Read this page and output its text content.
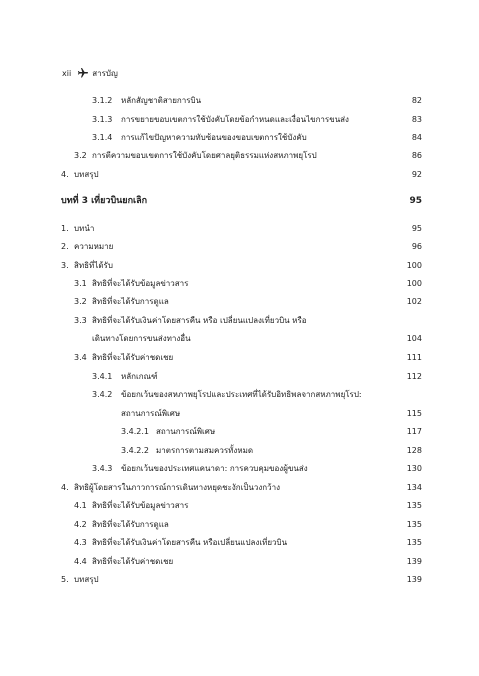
xii	สารบัญ
3.1.2 หลักสัญชาติสายการบิน	82
3.1.3 การขยายขอบเขตการใช้บังคับโดยข้อกำหนดและเงื่อนไขการขนส่ง	83
3.1.4 การแก้ไขปัญหาความทับซ้อนของขอบเขตการใช้บังคับ	84
3.2 การตีความขอบเขตการใช้บังคับโดยศาลยุติธรรมแห่งสหภาพยุโรป	86
4. บทสรุป	92
บทที่ 3 เที่ยวบินยกเลิก	95
1. บทนำ	95
2. ความหมาย	96
3. สิทธิที่ได้รับ	100
3.1 สิทธิที่จะได้รับข้อมูลข่าวสาร	100
3.2 สิทธิที่จะได้รับการดูแล	102
3.3 สิทธิที่จะได้รับเงินค่าโดยสารคืน หรือ เปลี่ยนแปลงเที่ยวบิน หรือ
เดินทางโดยการขนส่งทางอื่น	104
3.4 สิทธิที่จะได้รับค่าชดเชย	111
3.4.1 หลักเกณฑ์	112
3.4.2 ข้อยกเว้นของสหภาพยุโรปและประเทศที่ได้รับอิทธิพลจากสหภาพยุโรป:
สถานการณ์พิเศษ	115
3.4.2.1 สถานการณ์พิเศษ	117
3.4.2.2 มาตรการตามสมควรทั้งหมด	128
3.4.3 ข้อยกเว้นของประเทศแคนาดา: การควบคุมของผู้ขนส่ง	130
4. สิทธิผู้โดยสารในภาวการณ์การเดินทางหยุดชะงักเป็นวงกว้าง	134
4.1 สิทธิที่จะได้รับข้อมูลข่าวสาร	135
4.2 สิทธิที่จะได้รับการดูแล	135
4.3 สิทธิที่จะได้รับเงินค่าโดยสารคืน หรือเปลี่ยนแปลงเที่ยวบิน	135
4.4 สิทธิที่จะได้รับค่าชดเชย	139
5. บทสรุป	139
